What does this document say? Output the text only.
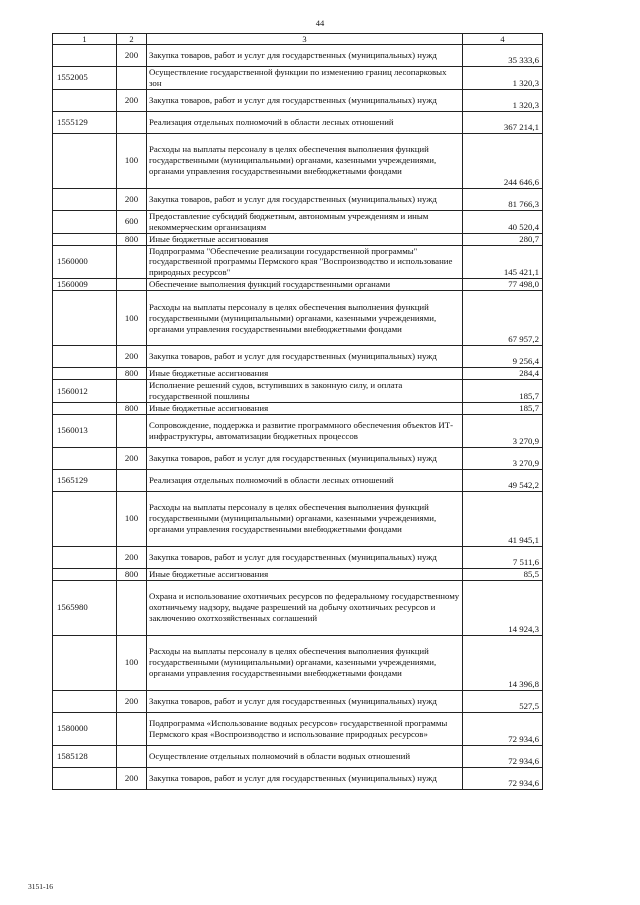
44
1	2	3	4
	200	Закупка товаров, работ и услуг для государственных (муниципальных) нужд	35 333,6
1552005		Осуществление государственной функции по изменению границ лесопарковых зон	1 320,3
	200	Закупка товаров, работ и услуг для государственных (муниципальных) нужд	1 320,3
1555129		Реализация отдельных полномочий в области лесных отношений	367 214,1
	100	Расходы на выплаты персоналу в целях обеспечения выполнения функций государственными (муниципальными) органами, казенными учреждениями, органами управления государственными внебюджетными фондами	244 646,6
	200	Закупка товаров, работ и услуг для государственных (муниципальных) нужд	81 766,3
	600	Предоставление субсидий бюджетным, автономным учреждениям и иным некоммерческим организациям	40 520,4
	800	Иные бюджетные ассигнования	280,7
1560000		Подпрограмма "Обеспечение реализации государственной программы" государственной программы Пермского края "Воспроизводство и использование природных ресурсов"	145 421,1
1560009		Обеспечение выполнения функций государственными органами	77 498,0
	100	Расходы на выплаты персоналу в целях обеспечения выполнения функций государственными (муниципальными) органами, казенными учреждениями, органами управления государственными внебюджетными фондами	67 957,2
	200	Закупка товаров, работ и услуг для государственных (муниципальных) нужд	9 256,4
	800	Иные бюджетные ассигнования	284,4
1560012		Исполнение решений судов, вступивших в законную силу, и оплата государственной пошлины	185,7
	800	Иные бюджетные ассигнования	185,7
1560013		Сопровождение, поддержка и развитие программного обеспечения объектов ИТ-инфраструктуры, автоматизации бюджетных процессов	3 270,9
	200	Закупка товаров, работ и услуг для государственных (муниципальных) нужд	3 270,9
1565129		Реализация отдельных полномочий в области лесных отношений	49 542,2
	100	Расходы на выплаты персоналу в целях обеспечения выполнения функций государственными (муниципальными) органами, казенными учреждениями, органами управления государственными внебюджетными фондами	41 945,1
	200	Закупка товаров, работ и услуг для государственных (муниципальных) нужд	7 511,6
	800	Иные бюджетные ассигнования	85,5
1565980		Охрана и использование охотничьих ресурсов по федеральному государственному охотничьему надзору, выдаче разрешений на добычу охотничьих ресурсов и заключению охотхозяйственных соглашений	14 924,3
	100	Расходы на выплаты персоналу в целях обеспечения выполнения функций государственными (муниципальными) органами, казенными учреждениями, органами управления государственными внебюджетными фондами	14 396,8
	200	Закупка товаров, работ и услуг для государственных (муниципальных) нужд	527,5
1580000		Подпрограмма «Использование водных ресурсов» государственной программы Пермского края «Воспроизводство и использование природных ресурсов»	72 934,6
1585128		Осуществление отдельных полномочий в области водных отношений	72 934,6
	200	Закупка товаров, работ и услуг для государственных (муниципальных) нужд	72 934,6
3151-16
